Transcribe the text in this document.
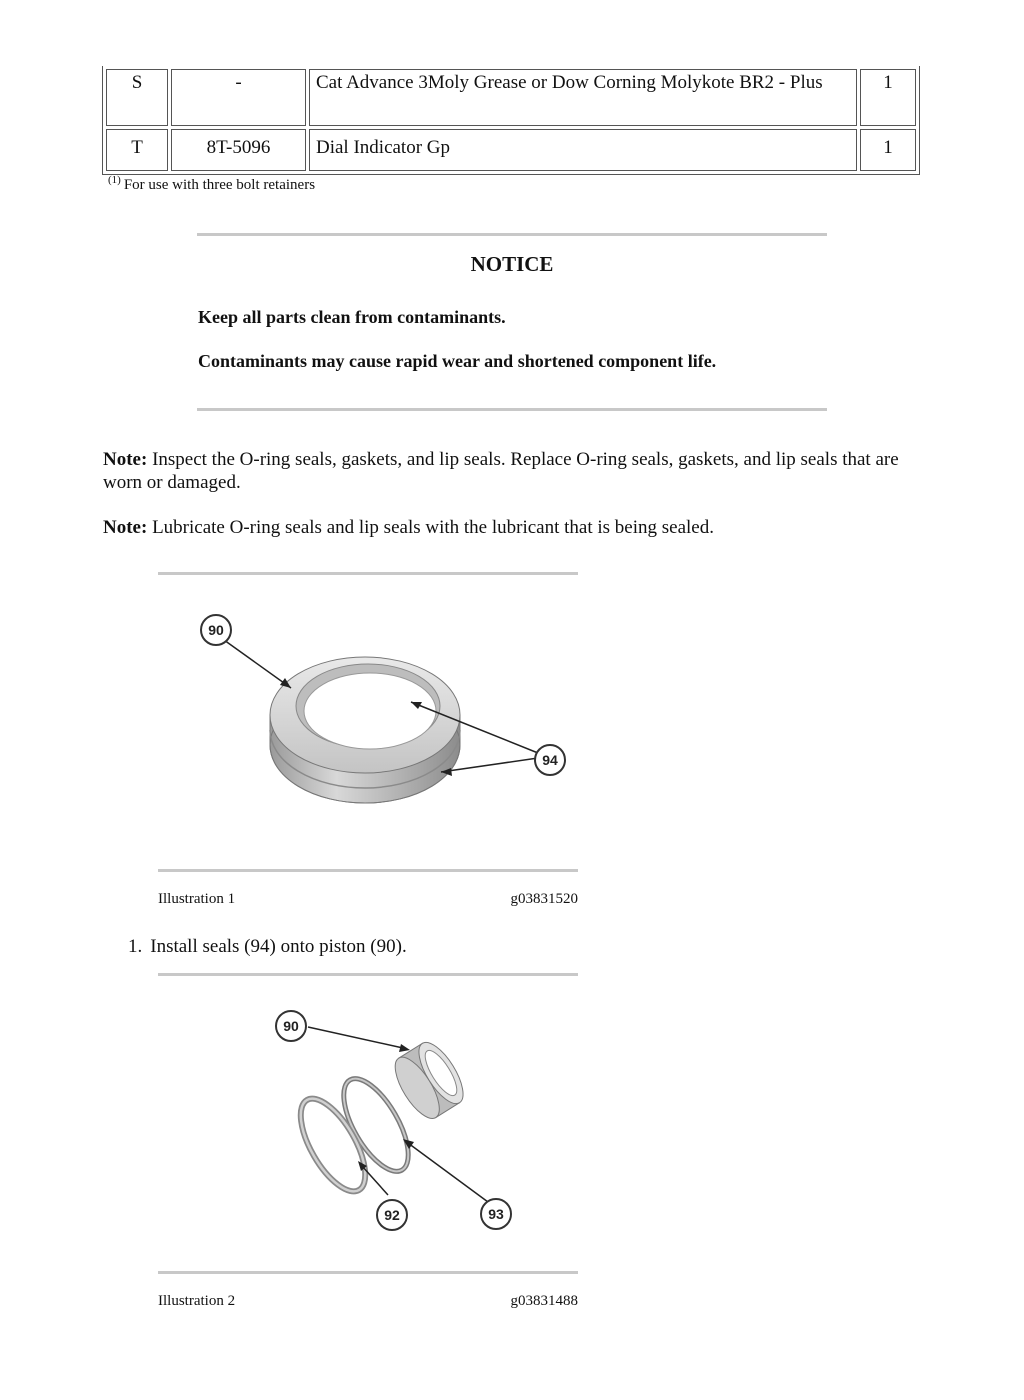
S	-	Cat Advance 3Moly Grease or Dow Corning Molykote BR2 - Plus	1
T	8T-5096	Dial Indicator Gp	1
$^{(1)}$ For use with three bolt retainers
NOTICE
Keep all parts clean from contaminants.
Contaminants may cause rapid wear and shortened component life.
Note: Inspect the O-ring seals, gaskets, and lip seals. Replace O-ring seals, gaskets, and lip seals that are worn or damaged.
Note: Lubricate O-ring seals and lip seals with the lubricant that is being sealed.
90
94
Illustration 1	g03831520
1. Install seals (94) onto piston (90).
90
92	93
Illustration 2	g03831488
